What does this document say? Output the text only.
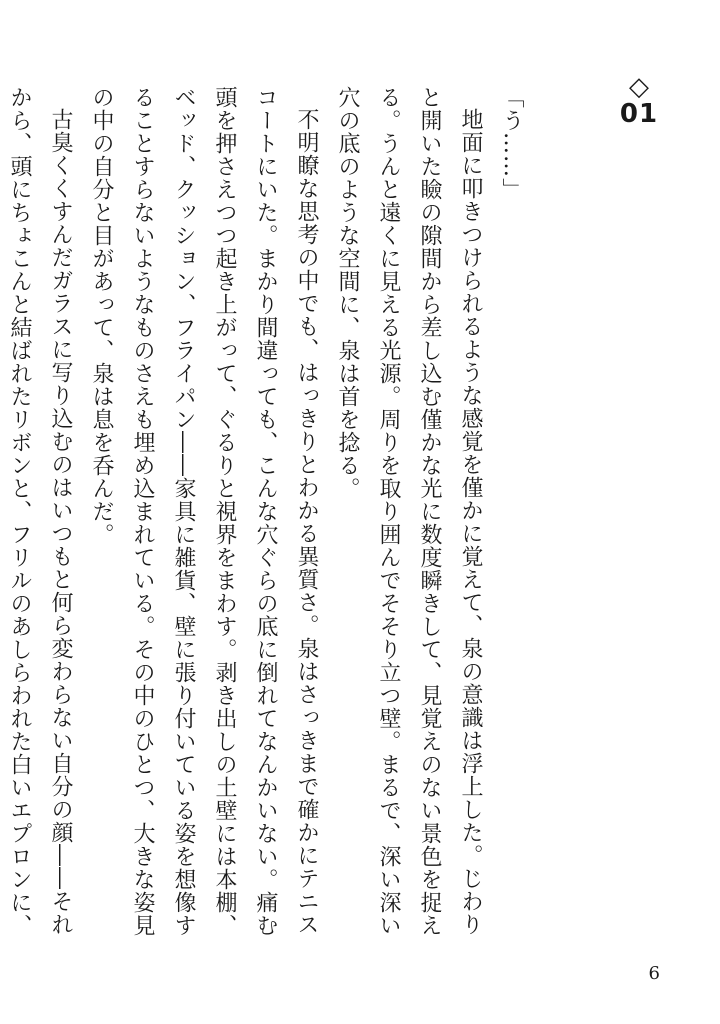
◇
01

「う……」

地面に叩きつけられるような感覚を僅かに覚えて、泉の意識は浮上した。じわりと開いた瞼の隙間から差し込む僅かな光に数度瞬きして、見覚えのない景色を捉える。うんと遠くに見える光源。周りを取り囲んでそそり立つ壁。まるで、深い深い穴の底のような空間に、泉は首を捻る。

不明瞭な思考の中でも、はっきりとわかる異質さ。泉はさっきまで確かにテニスコートにいた。まかり間違っても、こんな穴ぐらの底に倒れてなんかいない。痛む頭を押さえつつ起き上がって、ぐるりと視界をまわす。剥き出しの土壁には本棚、ベッド、クッション、フライパン――家具に雑貨、壁に張り付いている姿を想像することすらないようなものさえも埋め込まれている。その中のひとつ、大きな姿見の中の自分と目があって、泉は息を呑んだ。

古臭くくすんだガラスに写り込むのはいつもと何ら変わらない自分の顔――それから、頭にちょこんと結ばれたリボンと、フリルのあしらわれた白いエプロンに、

6
